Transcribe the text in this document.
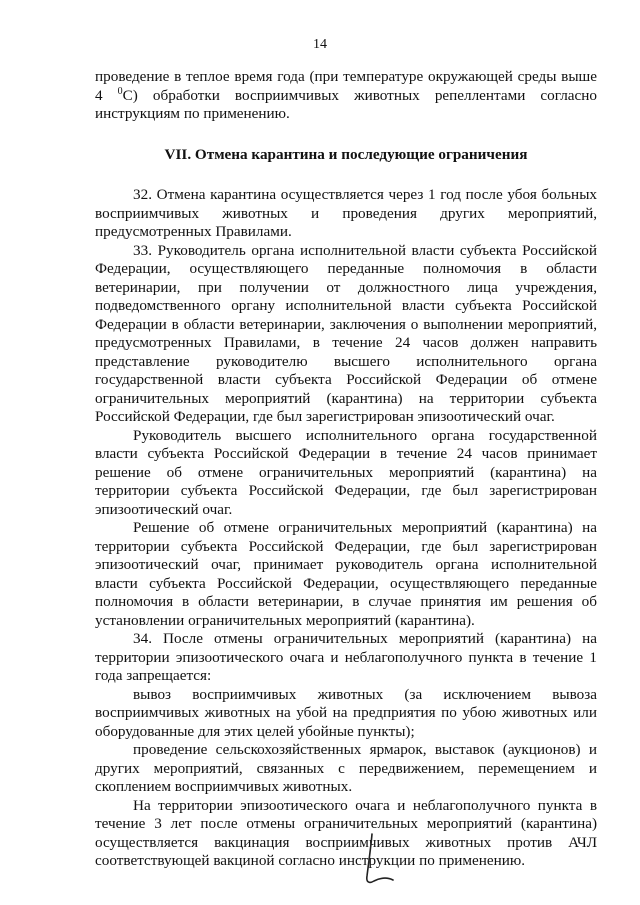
14

проведение в теплое время года (при температуре окружающей среды выше 4 $^0$С) обработки восприимчивых животных репеллентами согласно инструкциям по применению.

VII. Отмена карантина и последующие ограничения

32. Отмена карантина осуществляется через 1 год после убоя больных восприимчивых животных и проведения других мероприятий, предусмотренных Правилами.

33. Руководитель органа исполнительной власти субъекта Российской Федерации, осуществляющего переданные полномочия в области ветеринарии, при получении от должностного лица учреждения, подведомственного органу исполнительной власти субъекта Российской Федерации в области ветеринарии, заключения о выполнении мероприятий, предусмотренных Правилами, в течение 24 часов должен направить представление руководителю высшего исполнительного органа государственной власти субъекта Российской Федерации об отмене ограничительных мероприятий (карантина) на территории субъекта Российской Федерации, где был зарегистрирован эпизоотический очаг.

Руководитель высшего исполнительного органа государственной власти субъекта Российской Федерации в течение 24 часов принимает решение об отмене ограничительных мероприятий (карантина) на территории субъекта Российской Федерации, где был зарегистрирован эпизоотический очаг.

Решение об отмене ограничительных мероприятий (карантина) на территории субъекта Российской Федерации, где был зарегистрирован эпизоотический очаг, принимает руководитель органа исполнительной власти субъекта Российской Федерации, осуществляющего переданные полномочия в области ветеринарии, в случае принятия им решения об установлении ограничительных мероприятий (карантина).

34. После отмены ограничительных мероприятий (карантина) на территории эпизоотического очага и неблагополучного пункта в течение 1 года запрещается:

вывоз восприимчивых животных (за исключением вывоза восприимчивых животных на убой на предприятия по убою животных или оборудованные для этих целей убойные пункты);

проведение сельскохозяйственных ярмарок, выставок (аукционов) и других мероприятий, связанных с передвижением, перемещением и скоплением восприимчивых животных.

На территории эпизоотического очага и неблагополучного пункта в течение 3 лет после отмены ограничительных мероприятий (карантина) осуществляется вакцинация восприимчивых животных против АЧЛ соответствующей вакциной согласно инструкции по применению.
